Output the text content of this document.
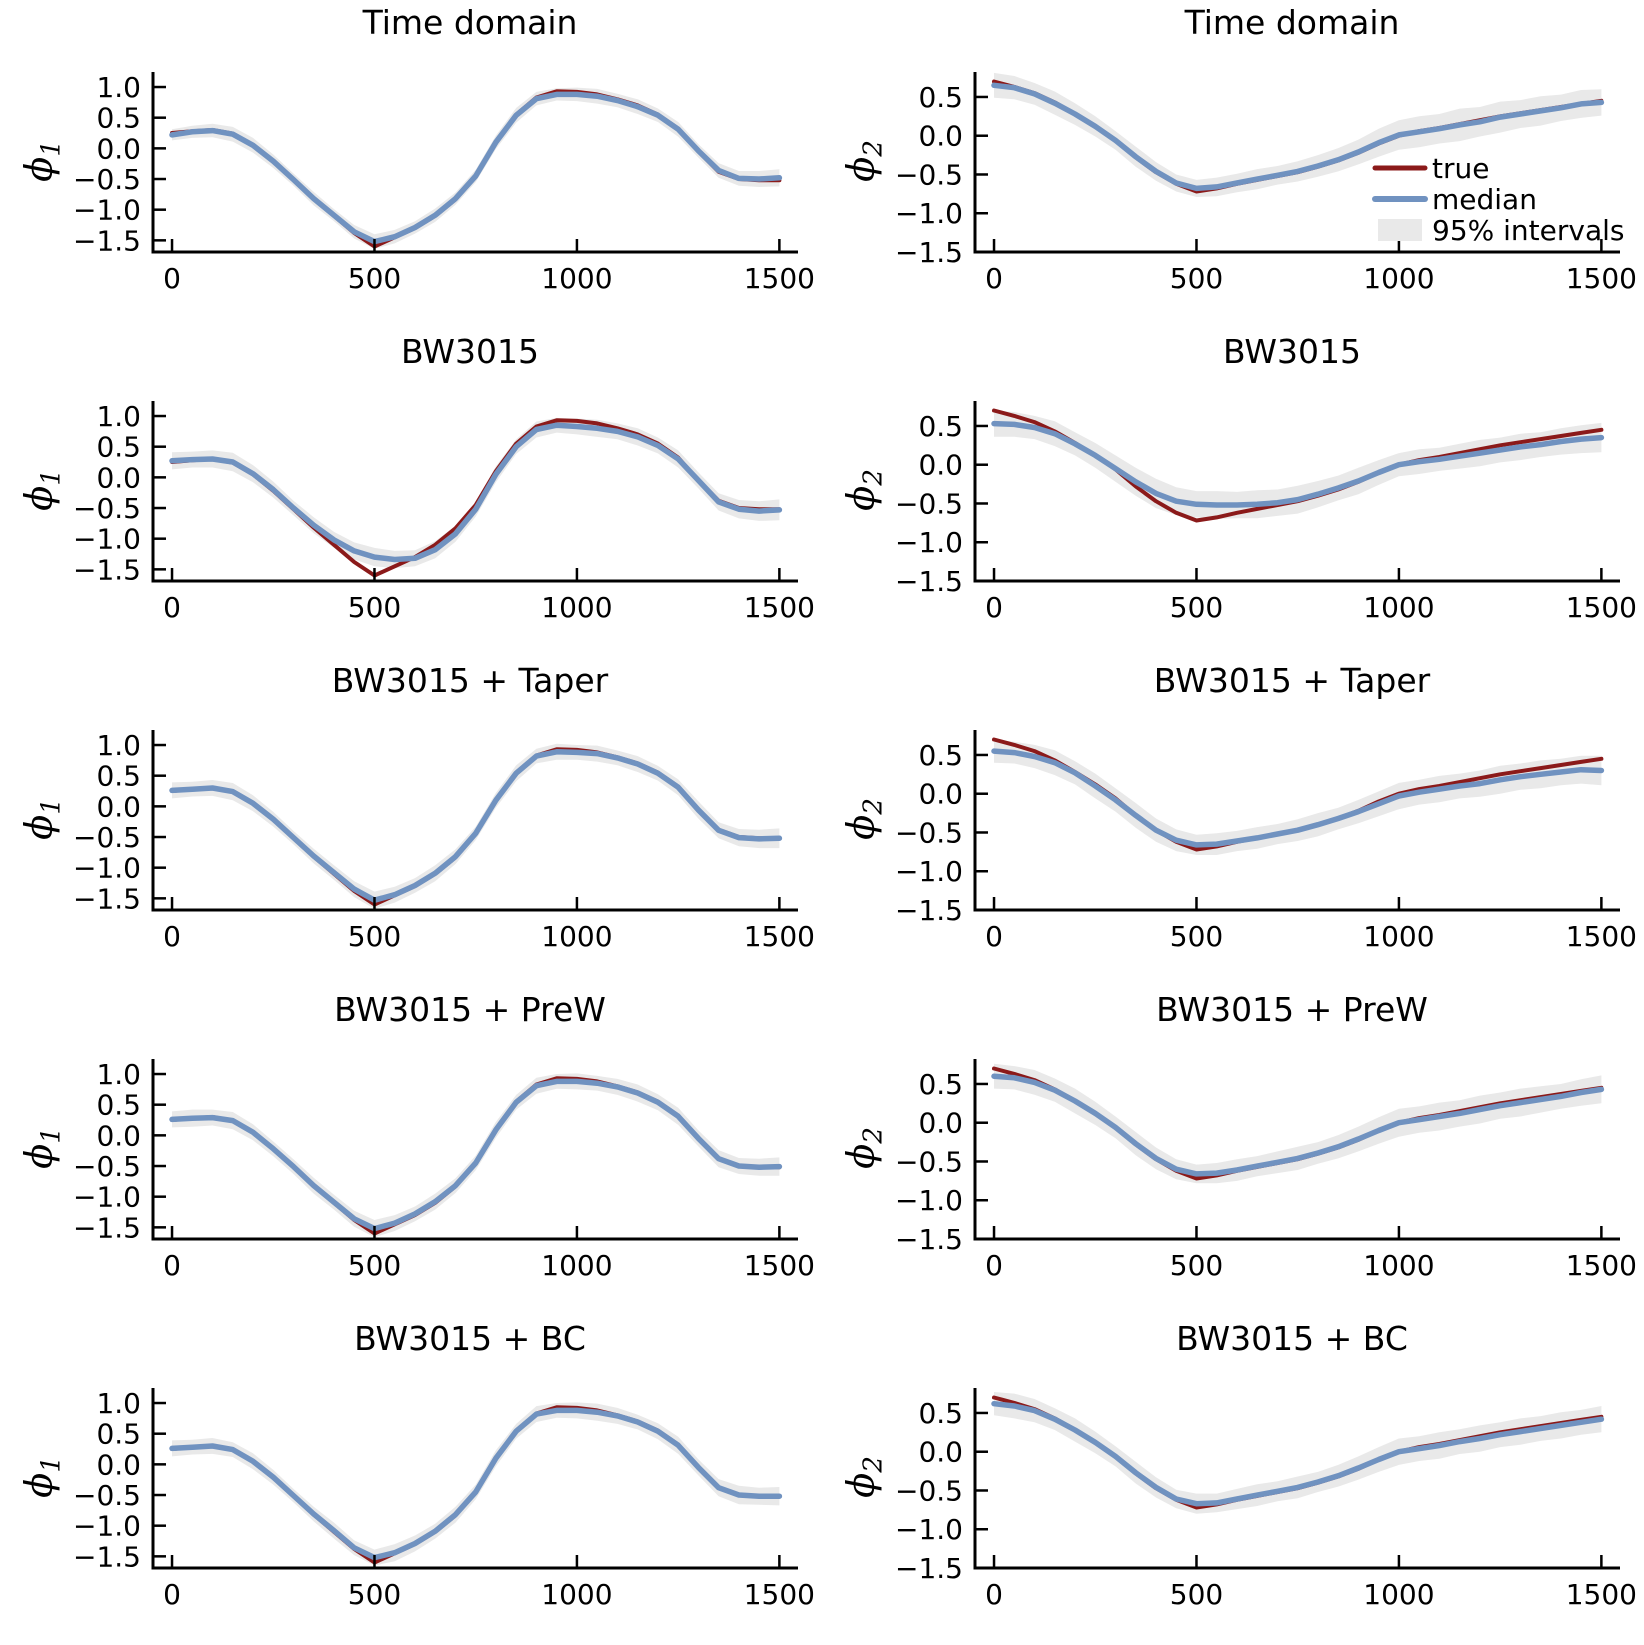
0	500	1000	1500
1.0
0.5
0.0
−0.5
−1.0
−1.5
Time domain
$\phi_1$
0	500	1000	1500
0.5
0.0
−0.5
−1.0
−1.5
true
median
95% intervals
Time domain
$\phi_2$
0	500	1000	1500
1.0
0.5
0.0
−0.5
−1.0
−1.5
BW3015
$\phi_1$
0	500	1000	1500
0.5
0.0
−0.5
−1.0
−1.5
BW3015
$\phi_2$
0	500	1000	1500
1.0
0.5
0.0
−0.5
−1.0
−1.5
BW3015 + Taper
$\phi_1$
0	500	1000	1500
0.5
0.0
−0.5
−1.0
−1.5
BW3015 + Taper
$\phi_2$
0	500	1000	1500
1.0
0.5
0.0
−0.5
−1.0
−1.5
BW3015 + PreW
$\phi_1$
0	500	1000	1500
0.5
0.0
−0.5
−1.0
−1.5
BW3015 + PreW
$\phi_2$
0	500	1000	1500
1.0
0.5
0.0
−0.5
−1.0
−1.5
BW3015 + BC
$\phi_1$
0	500	1000	1500
0.5
0.0
−0.5
−1.0
−1.5
BW3015 + BC
$\phi_2$
